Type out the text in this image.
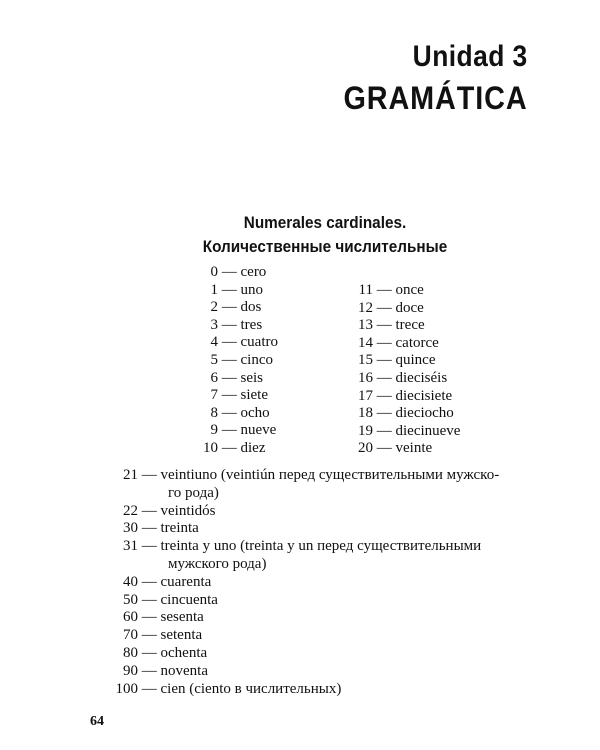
Unidad 3
GRAMÁTICA
Numerales cardinales.
Количественные числительные
0 — cero
1 — uno
2 — dos
3 — tres
4 — cuatro
5 — cinco
6 — seis
7 — siete
8 — ocho
9 — nueve
10 — diez
11 — once
12 — doce
13 — trece
14 — catorce
15 — quince
16 — dieciséis
17 — diecisiete
18 — dieciocho
19 — diecinueve
20 — veinte
21 — veintiuno (veintiún перед существительными мужско-
го рода)
22 — veintidós
30 — treinta
31 — treinta y uno (treinta y un перед существительными
мужского рода)
40 — cuarenta
50 — cincuenta
60 — sesenta
70 — setenta
80 — ochenta
90 — noventa
100 — cien (ciento в числительных)
64
